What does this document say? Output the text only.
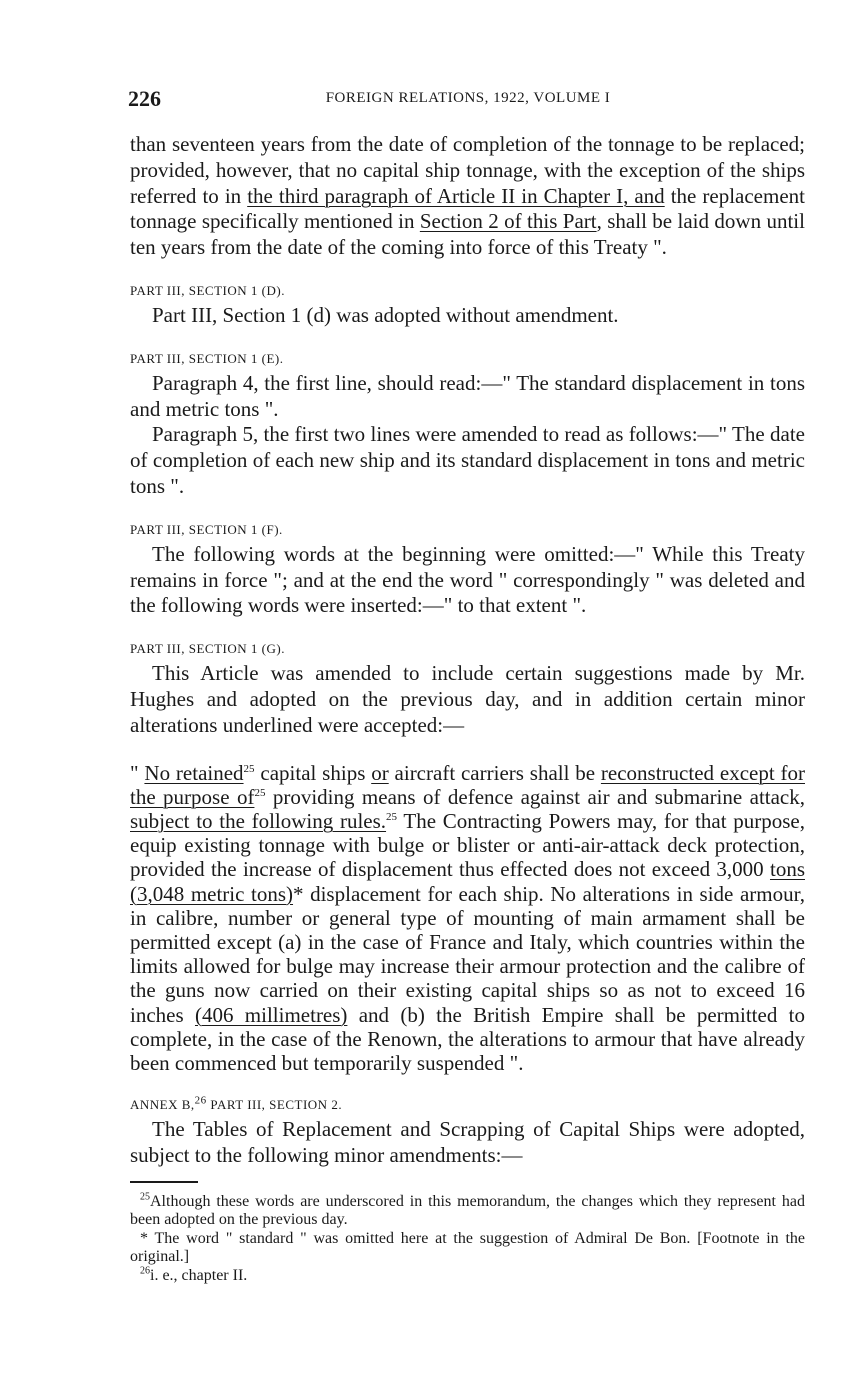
226	FOREIGN RELATIONS, 1922, VOLUME I

than seventeen years from the date of completion of the tonnage to be replaced; provided, however, that no capital ship tonnage, with the exception of the ships referred to in the third paragraph of Article II in Chapter I, and the replacement tonnage specifically mentioned in Section 2 of this Part, shall be laid down until ten years from the date of the coming into force of this Treaty ".

PART III, SECTION 1 (D).

Part III, Section 1 (d) was adopted without amendment.

PART III, SECTION 1 (E).

Paragraph 4, the first line, should read:—" The standard displacement in tons and metric tons ".

Paragraph 5, the first two lines were amended to read as follows:—" The date of completion of each new ship and its standard displacement in tons and metric tons ".

PART III, SECTION 1 (F).

The following words at the beginning were omitted:—" While this Treaty remains in force "; and at the end the word " correspondingly " was deleted and the following words were inserted:—" to that extent ".

PART III, SECTION 1 (G).

This Article was amended to include certain suggestions made by Mr. Hughes and adopted on the previous day, and in addition certain minor alterations underlined were accepted:—

" No retained$^{25}$ capital ships or aircraft carriers shall be reconstructed except for the purpose $of^{25}$ providing means of defence against air and submarine attack, subject to the following rules.$^{25}$ The Contracting Powers may, for that purpose, equip existing tonnage with bulge or blister or anti-air-attack deck protection, provided the increase of displacement thus effected does not exceed 3,000 tons (3,048 metric tons)* displacement for each ship. No alterations in side armour, in calibre, number or general type of mounting of main armament shall be permitted except (a) in the case of France and Italy, which countries within the limits allowed for bulge may increase their armour protection and the calibre of the guns now carried on their existing capital ships so as not to exceed 16 inches (406 millimetres) and (b) the British Empire shall be permitted to complete, in the case of the Renown, the alterations to armour that have already been commenced but temporarily suspended ".

ANNEX B,$^{26}$ PART III, SECTION 2.

The Tables of Replacement and Scrapping of Capital Ships were adopted, subject to the following minor amendments:—

$^{25}$Although these words are underscored in this memorandum, the changes which they represent had been adopted on the previous day.

* The word " standard " was omitted here at the suggestion of Admiral De Bon. [Footnote in the original.]

$^{26}$i. e., chapter II.
